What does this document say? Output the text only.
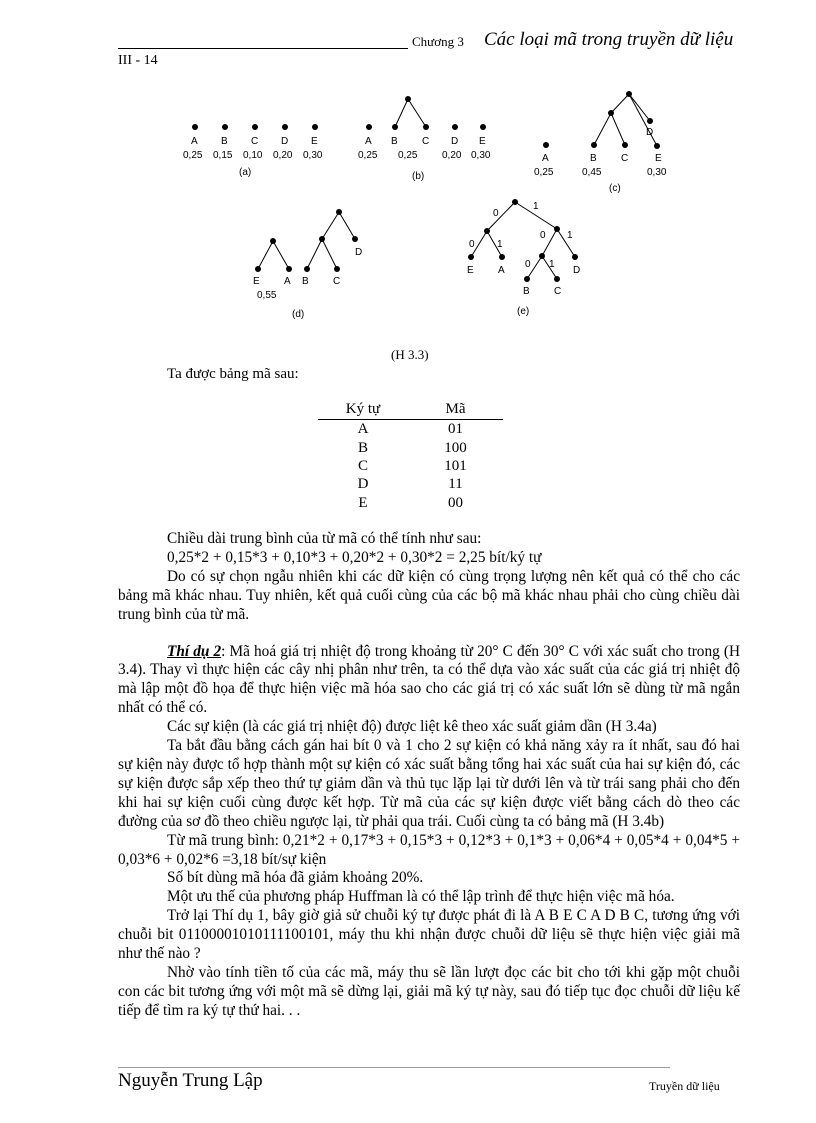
Chương 3 Các loại mã trong truyền dữ liệu
III - 14
A B C D E
0,25 0,15 0,10 0,20 0,30
(a)
A B C D E
0,25 0,25 0,20 0,30
(b)
A	B C
D
E
0,25	0,45	0,30
(c)
E A B C
D
0,55
(d)
E A
B C
D
0
1
0 1
0 1
0 1
(e)
(H 3.3)
Ta được bảng mã sau:
Ký tự	Mã
A	01
B	100
C	101
D	11
E	00

Chiều dài trung bình của từ mã có thể tính như sau:

0,25*2 + 0,15*3 + 0,10*3 + 0,20*2 + 0,30*2 = 2,25 bít/ký tự

Do có sự chọn ngẫu nhiên khi các dữ kiện có cùng trọng lượng nên kết quả có thể cho các bảng mã khác nhau. Tuy nhiên, kết quả cuối cùng của các bộ mã khác nhau phải cho cùng chiều dài trung bình của từ mã.

Thí dụ 2: Mã hoá giá trị nhiệt độ trong khoảng từ 20° C đến 30° C với xác suất cho trong (H 3.4). Thay vì thực hiện các cây nhị phân như trên, ta có thể dựa vào xác suất của các giá trị nhiệt độ mà lập một đồ họa để thực hiện việc mã hóa sao cho các giá trị có xác suất lớn sẽ dùng từ mã ngắn nhất có thể có.

Các sự kiện (là các giá trị nhiệt độ) được liệt kê theo xác suất giảm dần (H 3.4a)

Ta bắt đầu bằng cách gán hai bít 0 và 1 cho 2 sự kiện có khả năng xảy ra ít nhất, sau đó hai sự kiện này được tổ hợp thành một sự kiện có xác suất bằng tổng hai xác suất của hai sự kiện đó, các sự kiện được sắp xếp theo thứ tự giảm dần và thủ tục lặp lại từ dưới lên và từ trái sang phải cho đến khi hai sự kiện cuối cùng được kết hợp. Từ mã của các sự kiện được viết bằng cách dò theo các đường của sơ đồ theo chiều ngược lại, từ phải qua trái. Cuối cùng ta có bảng mã (H 3.4b)

Từ mã trung bình: 0,21*2 + 0,17*3 + 0,15*3 + 0,12*3 + 0,1*3 + 0,06*4 + 0,05*4 + 0,04*5 + 0,03*6 + 0,02*6 =3,18 bít/sự kiện

Số bít dùng mã hóa đã giảm khoảng 20%.

Một ưu thế của phương pháp Huffman là có thể lập trình để thực hiện việc mã hóa.

Trở lại Thí dụ 1, bây giờ giả sử chuỗi ký tự được phát đi là A B E C A D B C, tương ứng với chuỗi bit 01100001010111100101, máy thu khi nhận được chuỗi dữ liệu sẽ thực hiện việc giải mã như thế nào ?

Nhờ vào tính tiền tố của các mã, máy thu sẽ lần lượt đọc các bit cho tới khi gặp một chuỗi con các bit tương ứng với một mã sẽ dừng lại, giải mã ký tự này, sau đó tiếp tục đọc chuỗi dữ liệu kế tiếp để tìm ra ký tự thứ hai. . .

Nguyễn Trung Lập	Truyền dữ liệu
